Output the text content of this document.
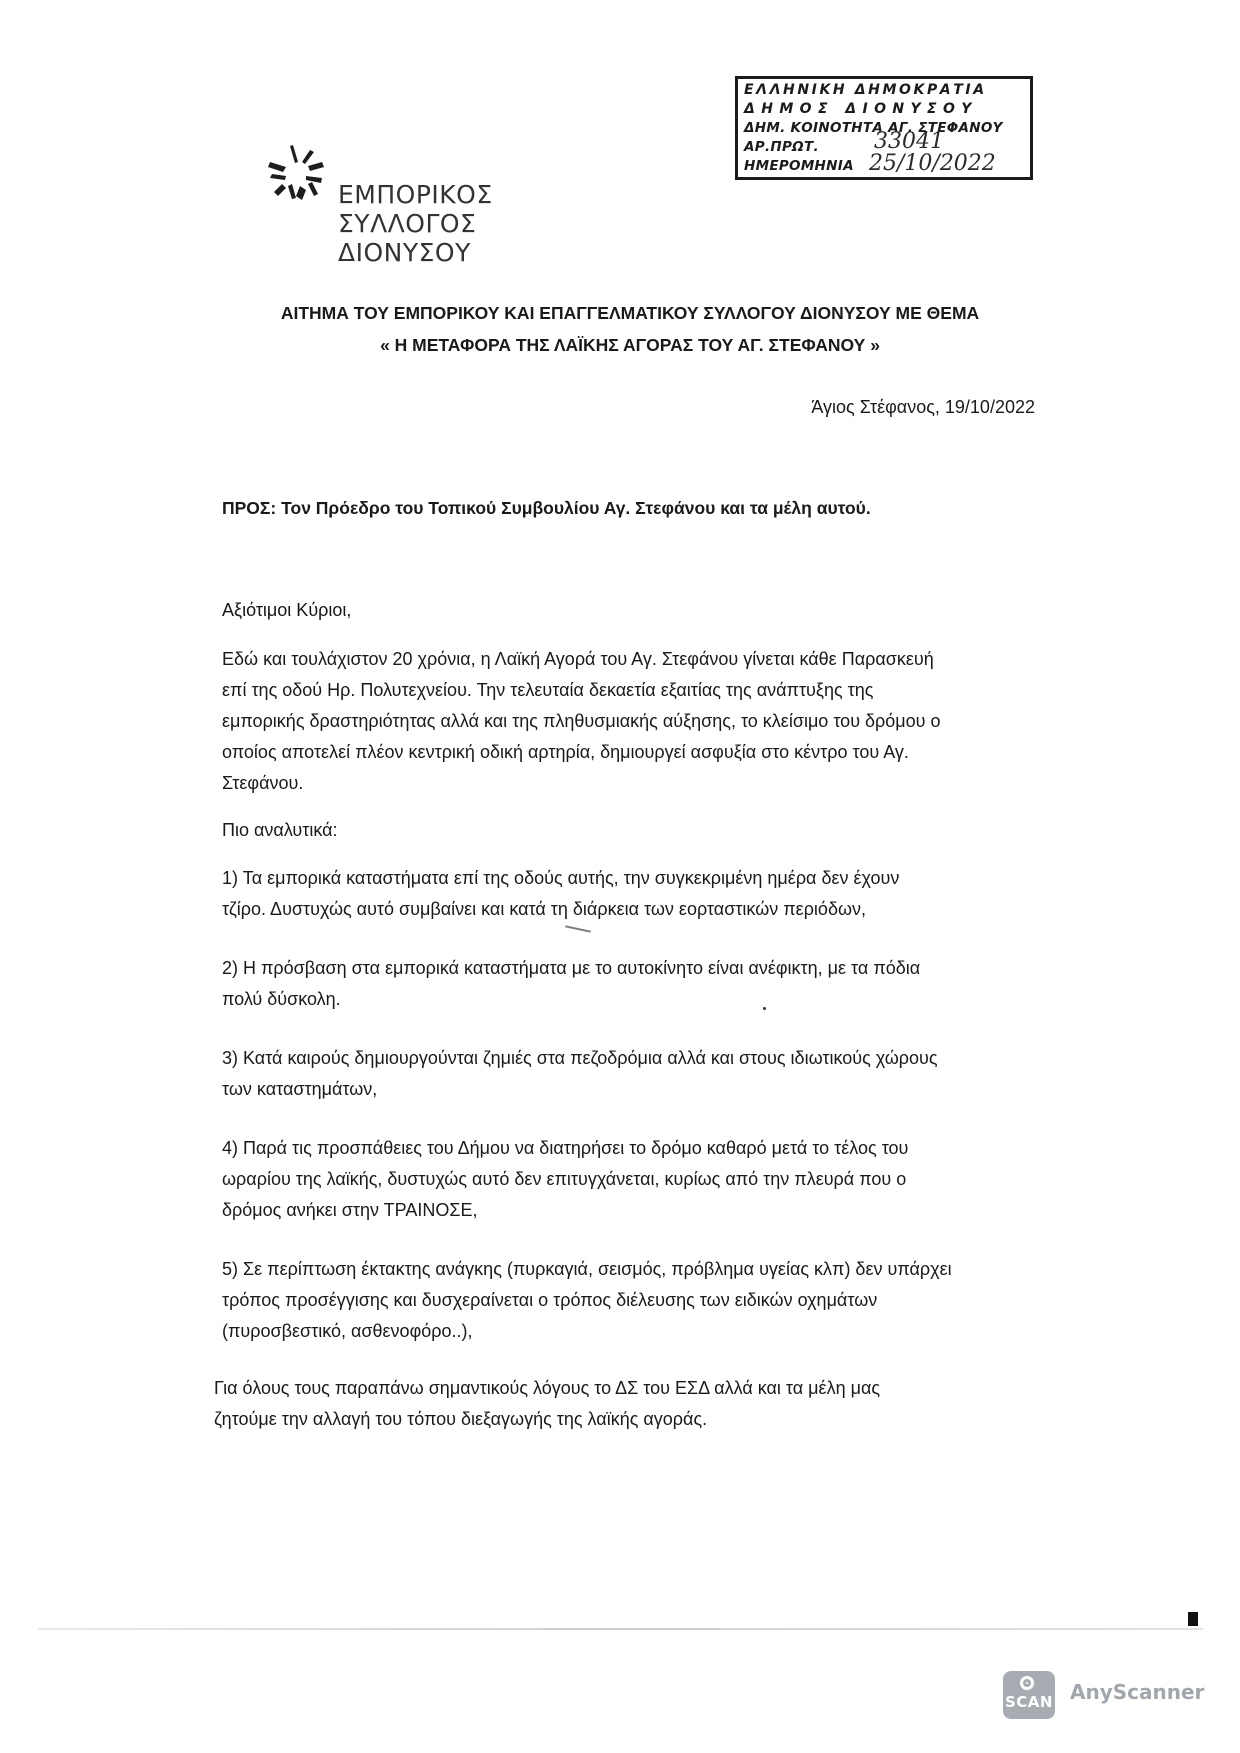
ΕΜΠΟΡΙΚΟΣ
ΣΥΛΛΟΓΟΣ
ΔΙΟΝΥΣΟΥ
ΕΛΛΗΝΙΚΗ ΔΗΜΟΚΡΑΤΙΑ
ΔΗΜΟΣ ΔΙΟΝΥΣΟΥ
ΔΗΜ. ΚΟΙΝΟΤΗΤΑ ΑΓ. ΣΤΕΦΑΝΟΥ
ΑΡ.ΠΡΩΤ.	33041
ΗΜΕΡΟΜΗΝΙΑ 25/10/2022
ΑΙΤΗΜΑ ΤΟΥ ΕΜΠΟΡΙΚΟΥ ΚΑΙ ΕΠΑΓΓΕΛΜΑΤΙΚΟΥ ΣΥΛΛΟΓΟΥ ΔΙΟΝΥΣΟΥ ΜΕ ΘΕΜΑ
« Η ΜΕΤΑΦΟΡΑ ΤΗΣ ΛΑΪΚΗΣ ΑΓΟΡΑΣ ΤΟΥ ΑΓ. ΣΤΕΦΑΝΟΥ »
Άγιος Στέφανος, 19/10/2022
ΠΡΟΣ: Τον Πρόεδρο του Τοπικού Συμβουλίου Αγ. Στεφάνου και τα μέλη αυτού.
Αξιότιμοι Κύριοι,
Εδώ και τουλάχιστον 20 χρόνια, η Λαϊκή Αγορά του Αγ. Στεφάνου γίνεται κάθε Παρασκευή
επί της οδού Ηρ. Πολυτεχνείου. Την τελευταία δεκαετία εξαιτίας της ανάπτυξης της
εμπορικής δραστηριότητας αλλά και της πληθυσμιακής αύξησης, το κλείσιμο του δρόμου ο
οποίος αποτελεί πλέον κεντρική οδική αρτηρία, δημιουργεί ασφυξία στο κέντρο του Αγ.
Στεφάνου.
Πιο αναλυτικά:
1) Τα εμπορικά καταστήματα επί της οδούς αυτής, την συγκεκριμένη ημέρα δεν έχουν
τζίρο. Δυστυχώς αυτό συμβαίνει και κατά τη διάρκεια των εορταστικών περιόδων,
2) Η πρόσβαση στα εμπορικά καταστήματα με το αυτοκίνητο είναι ανέφικτη, με τα πόδια
πολύ δύσκολη.
3) Κατά καιρούς δημιουργούνται ζημιές στα πεζοδρόμια αλλά και στους ιδιωτικούς χώρους
των καταστημάτων,
4) Παρά τις προσπάθειες του Δήμου να διατηρήσει το δρόμο καθαρό μετά το τέλος του
ωραρίου της λαϊκής, δυστυχώς αυτό δεν επιτυγχάνεται, κυρίως από την πλευρά που ο
δρόμος ανήκει στην ΤΡΑΙΝΟΣΕ,
5) Σε περίπτωση έκτακτης ανάγκης (πυρκαγιά, σεισμός, πρόβλημα υγείας κλπ) δεν υπάρχει
τρόπος προσέγγισης και δυσχεραίνεται ο τρόπος διέλευσης των ειδικών οχημάτων
(πυροσβεστικό, ασθενοφόρο..),
Για όλους τους παραπάνω σημαντικούς λόγους το ΔΣ του ΕΣΔ αλλά και τα μέλη μας
ζητούμε την αλλαγή του τόπου διεξαγωγής της λαϊκής αγοράς.
SCAN AnyScanner
